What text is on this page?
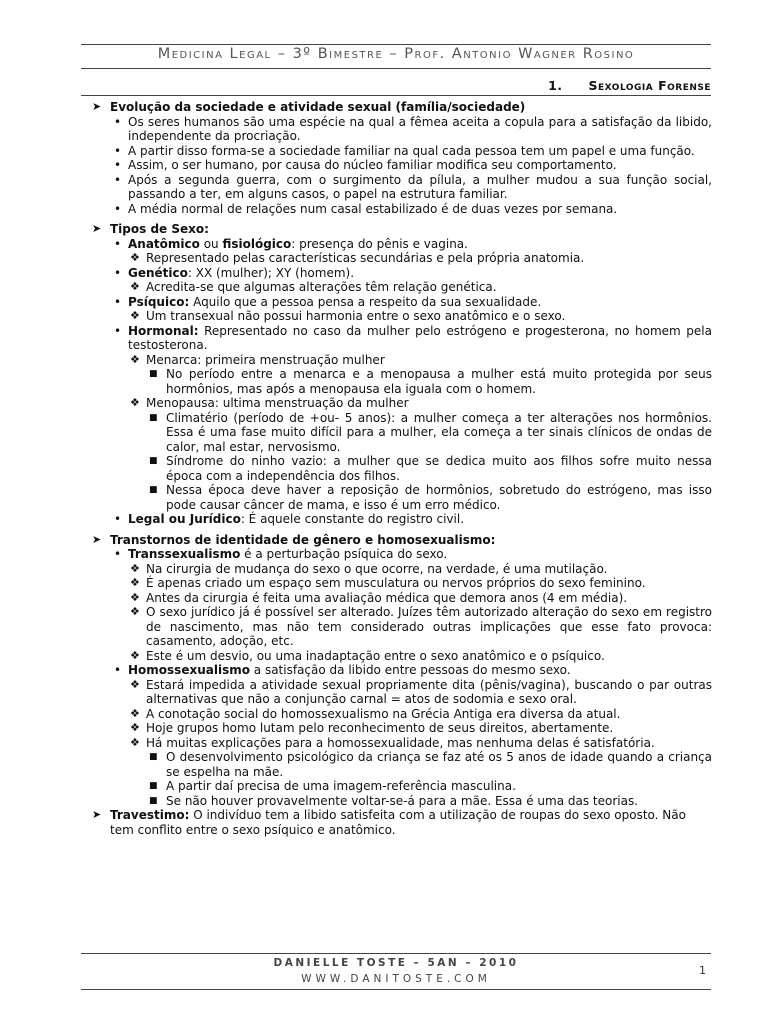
Medicina Legal – 3º Bimestre – Prof. Antonio Wagner Rosino
1. Sexologia Forense

➤ Evolução da sociedade e atividade sexual (família/sociedade)

• Os seres humanos são uma espécie na qual a fêmea aceita a copula para a satisfação da libido, independente da procriação.

• A partir disso forma-se a sociedade familiar na qual cada pessoa tem um papel e uma função.

• Assim, o ser humano, por causa do núcleo familiar modifica seu comportamento.

• Após a segunda guerra, com o surgimento da pílula, a mulher mudou a sua função social, passando a ter, em alguns casos, o papel na estrutura familiar.

• A média normal de relações num casal estabilizado é de duas vezes por semana.

➤ Tipos de Sexo:

• Anatômico ou fisiológico: presença do pênis e vagina.

❖ Representado pelas características secundárias e pela própria anatomia.

• Genético: XX (mulher); XY (homem).

❖ Acredita-se que algumas alterações têm relação genética.

• Psíquico: Aquilo que a pessoa pensa a respeito da sua sexualidade.

❖ Um transexual não possui harmonia entre o sexo anatômico e o sexo.

• Hormonal: Representado no caso da mulher pelo estrógeno e progesterona, no homem pela testosterona.

❖ Menarca: primeira menstruação mulher

■ No período entre a menarca e a menopausa a mulher está muito protegida por seus hormônios, mas após a menopausa ela iguala com o homem.

❖ Menopausa: ultima menstruação da mulher

■ Climatério (período de +ou- 5 anos): a mulher começa a ter alterações nos hormônios. Essa é uma fase muito difícil para a mulher, ela começa a ter sinais clínicos de ondas de calor, mal estar, nervosismo.

■ Síndrome do ninho vazio: a mulher que se dedica muito aos filhos sofre muito nessa época com a independência dos filhos.

■ Nessa época deve haver a reposição de hormônios, sobretudo do estrógeno, mas isso pode causar câncer de mama, e isso é um erro médico.

• Legal ou Jurídico: É aquele constante do registro civil.

➤ Transtornos de identidade de gênero e homosexualismo:

• Transsexualismo é a perturbação psíquica do sexo.

❖ Na cirurgia de mudança do sexo o que ocorre, na verdade, é uma mutilação.

❖ É apenas criado um espaço sem musculatura ou nervos próprios do sexo feminino.

❖ Antes da cirurgia é feita uma avaliação médica que demora anos (4 em média).

❖ O sexo jurídico já é possível ser alterado. Juízes têm autorizado alteração do sexo em registro de nascimento, mas não tem considerado outras implicações que esse fato provoca: casamento, adoção, etc.

❖ Este é um desvio, ou uma inadaptação entre o sexo anatômico e o psíquico.

• Homossexualismo a satisfação da libido entre pessoas do mesmo sexo.

❖ Estará impedida a atividade sexual propriamente dita (pênis/vagina), buscando o par outras alternativas que não a conjunção carnal = atos de sodomia e sexo oral.

❖ A conotação social do homossexualismo na Grécia Antiga era diversa da atual.

❖ Hoje grupos homo lutam pelo reconhecimento de seus direitos, abertamente.

❖ Há muitas explicações para a homossexualidade, mas nenhuma delas é satisfatória.

■ O desenvolvimento psicológico da criança se faz até os 5 anos de idade quando a criança se espelha na mãe.

■ A partir daí precisa de uma imagem-referência masculina.

■ Se não houver provavelmente voltar-se-á para a mãe. Essa é uma das teorias.

➤ Travestimo: O indivíduo tem a libido satisfeita com a utilização de roupas do sexo oposto. Não tem conflito entre o sexo psíquico e anatômico.

DANIELLE TOSTE – 5AN – 2010
WWW.DANITOSTE.COM
1
